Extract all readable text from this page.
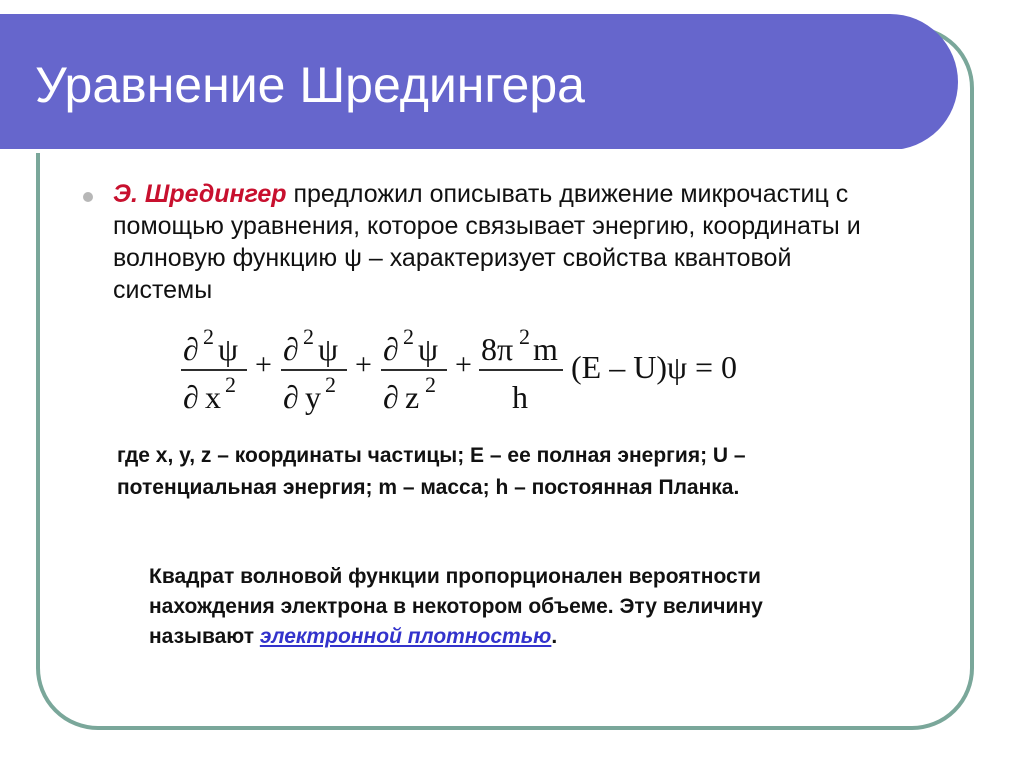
Уравнение Шредингера
Э. Шредингер предложил описывать движение микрочастиц с помощью уравнения, которое связывает энергию, координаты и волновую функцию ψ – характеризует свойства квантовой системы
∂ 2 ψ
∂ x 2
+ ∂ 2 ψ
∂ y 2
+ ∂ 2 ψ
∂ z 2
+ 8π 2 m
h
(E – U)ψ = 0
где x, y, z – координаты частицы; E – ее полная энергия; U – потенциальная энергия; m – масса; h – постоянная Планка.
Квадрат волновой функции пропорционален вероятности нахождения электрона в некотором объеме. Эту величину называют электронной плотностью.
